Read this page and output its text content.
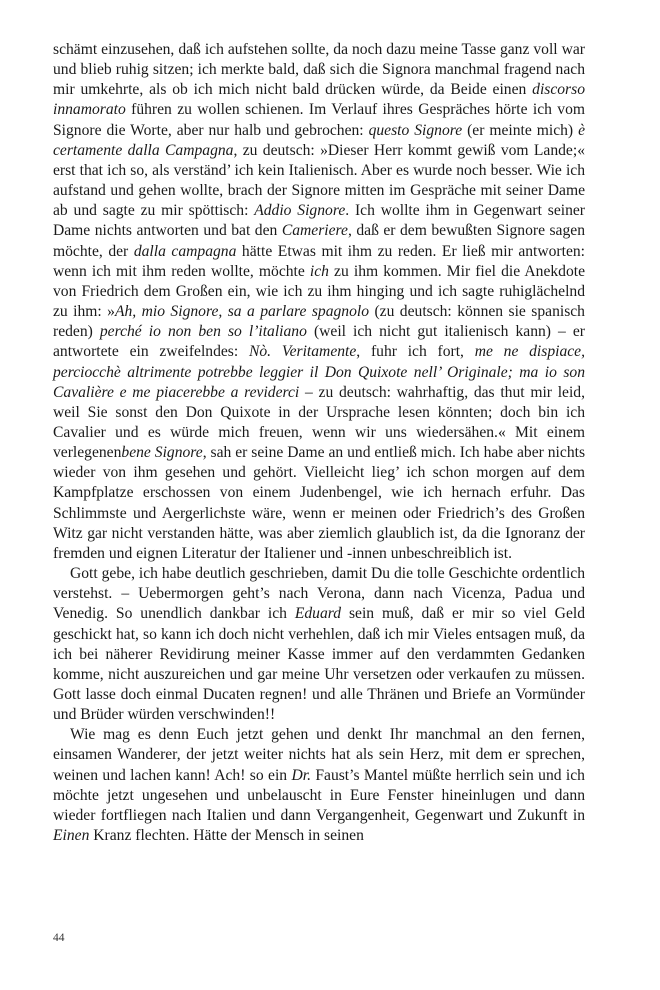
schämt einzusehen, daß ich aufstehen sollte, da noch dazu meine Tasse ganz voll war und blieb ruhig sitzen; ich merkte bald, daß sich die Signora manchmal fragend nach mir umkehrte, als ob ich mich nicht bald drücken würde, da Beide einen discorso innamorato führen zu wollen schienen. Im Verlauf ihres Gespräches hörte ich vom Signore die Worte, aber nur halb und gebrochen: questo Signore (er meinte mich) è certamente dalla Campagna, zu deutsch: »Dieser Herr kommt gewiß vom Lande;« erst that ich so, als verständ’ ich kein Italienisch. Aber es wurde noch besser. Wie ich aufstand und gehen wollte, brach der Signore mitten im Gespräche mit seiner Dame ab und sagte zu mir spöttisch: Addio Signore. Ich wollte ihm in Gegenwart seiner Dame nichts antworten und bat den Cameriere, daß er dem bewußten Signore sagen möchte, der dalla campagna hätte Etwas mit ihm zu reden. Er ließ mir antworten: wenn ich mit ihm reden wollte, möchte ich zu ihm kommen. Mir fiel die Anekdote von Friedrich dem Großen ein, wie ich zu ihm hinging und ich sagte ruhiglächelnd zu ihm: »Ah, mio Signore, sa a parlare spagnolo (zu deutsch: können sie spanisch reden) perché io non ben so l’italiano (weil ich nicht gut italienisch kann) – er antwortete ein zweifelndes: Nò. Veritamente, fuhr ich fort, me ne dispiace, perciocchè altrimente potrebbe leggier il Don Quixote nell’ Originale; ma io son Cavalière e me piacerebbe a reviderci – zu deutsch: wahrhaftig, das thut mir leid, weil Sie sonst den Don Quixote in der Ursprache lesen könnten; doch bin ich Cavalier und es würde mich freuen, wenn wir uns wiedersähen.« Mit einem verlegenenbene Signore, sah er seine Dame an und entließ mich. Ich habe aber nichts wieder von ihm gesehen und gehört. Vielleicht lieg’ ich schon morgen auf dem Kampfplatze erschossen von einem Judenbengel, wie ich hernach erfuhr. Das Schlimmste und Aergerlichste wäre, wenn er meinen oder Friedrich’s des Großen Witz gar nicht verstanden hätte, was aber ziemlich glaublich ist, da die Ignoranz der fremden und eignen Literatur der Italiener und -innen unbeschreiblich ist.

Gott gebe, ich habe deutlich geschrieben, damit Du die tolle Geschichte ordentlich verstehst. – Uebermorgen geht’s nach Verona, dann nach Vicenza, Padua und Venedig. So unendlich dankbar ich Eduard sein muß, daß er mir so viel Geld geschickt hat, so kann ich doch nicht verhehlen, daß ich mir Vieles entsagen muß, da ich bei näherer Revidirung meiner Kasse immer auf den verdammten Gedanken komme, nicht auszureichen und gar meine Uhr versetzen oder verkaufen zu müssen. Gott lasse doch einmal Ducaten regnen! und alle Thränen und Briefe an Vormünder und Brüder würden verschwinden!!

Wie mag es denn Euch jetzt gehen und denkt Ihr manchmal an den fernen, einsamen Wanderer, der jetzt weiter nichts hat als sein Herz, mit dem er sprechen, weinen und lachen kann! Ach! so ein Dr. Faust’s Mantel müßte herrlich sein und ich möchte jetzt ungesehen und unbelauscht in Eure Fenster hineinlugen und dann wieder fortfliegen nach Italien und dann Vergangenheit, Gegenwart und Zukunft in Einen Kranz flechten. Hätte der Mensch in seinen

44
